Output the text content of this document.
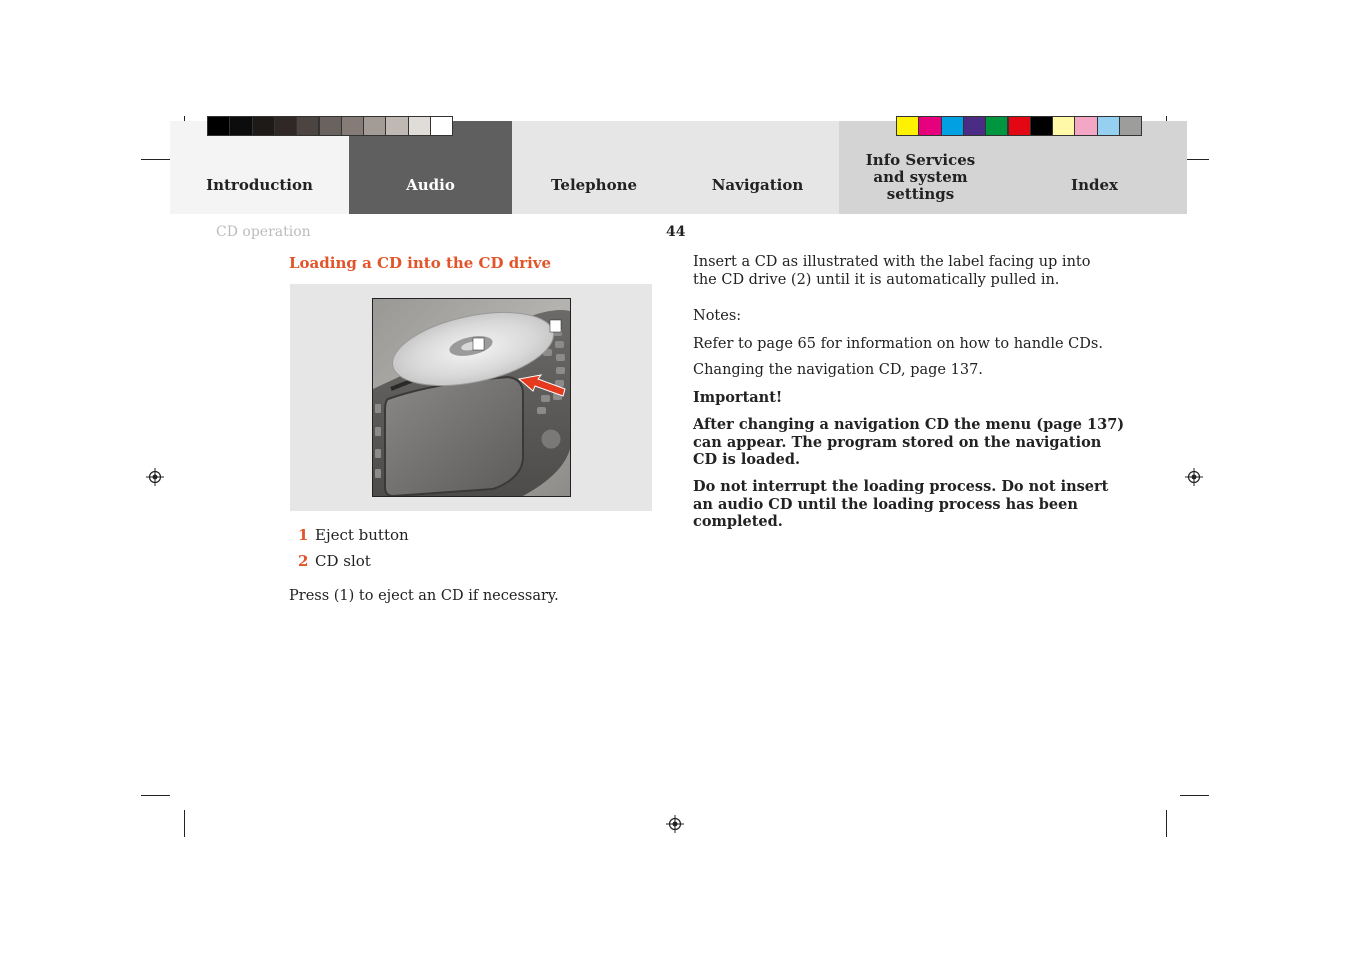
Introduction	Audio	Telephone	Navigation
Info Services and system settings	Index
CD operation	44
Loading a CD into the CD drive
1 Eject button
2 CD slot
Press (1) to eject an CD if necessary.
Insert a CD as illustrated with the label facing up into
the CD drive (2) until it is automatically pulled in.
Notes:
Refer to page 65 for information on how to handle CDs.
Changing the navigation CD, page 137.
Important!
After changing a navigation CD the menu (page 137)
can appear. The program stored on the navigation
CD is loaded.
Do not interrupt the loading process. Do not insert
an audio CD until the loading process has been
completed.
